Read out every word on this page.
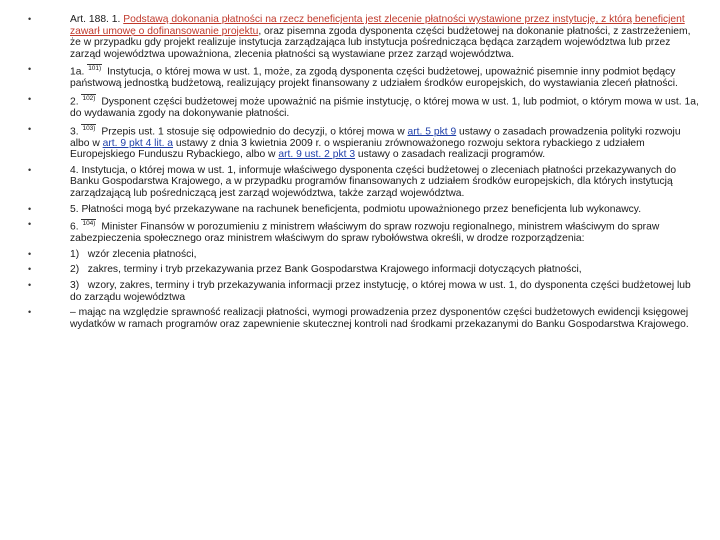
•	Art. 188. 1. Podstawą dokonania płatności na rzecz beneficjenta jest zlecenie płatności wystawione przez instytucję, z którą beneficjent zawarł umowę o dofinansowanie projektu, oraz pisemna zgoda dysponenta części budżetowej na dokonanie płatności, z zastrzeżeniem, że w przypadku gdy projekt realizuje instytucja zarządzająca lub instytucja pośrednicząca będąca zarządem województwa lub przez zarząd województwa upoważniona, zlecenia płatności są wystawiane przez zarząd województwa.
•	1a. 101) Instytucja, o której mowa w ust. 1, może, za zgodą dysponenta części budżetowej, upoważnić pisemnie inny podmiot będący państwową jednostką budżetową, realizujący projekt finansowany z udziałem środków europejskich, do wystawiania zleceń płatności.
•	2. 102) Dysponent części budżetowej może upoważnić na piśmie instytucję, o której mowa w ust. 1, lub podmiot, o którym mowa w ust. 1a, do wydawania zgody na dokonywanie płatności.
•	3. 103) Przepis ust. 1 stosuje się odpowiednio do decyzji, o której mowa w art. 5 pkt 9 ustawy o zasadach prowadzenia polityki rozwoju albo w art. 9 pkt 4 lit. a ustawy z dnia 3 kwietnia 2009 r. o wspieraniu zrównoważonego rozwoju sektora rybackiego z udziałem Europejskiego Funduszu Rybackiego, albo w art. 9 ust. 2 pkt 3 ustawy o zasadach realizacji programów.
•	4. Instytucja, o której mowa w ust. 1, informuje właściwego dysponenta części budżetowej o zleceniach płatności przekazywanych do Banku Gospodarstwa Krajowego, a w przypadku programów finansowanych z udziałem środków europejskich, dla których instytucją zarządzającą lub pośredniczącą jest zarząd województwa, także zarząd województwa.
•	5. Płatności mogą być przekazywane na rachunek beneficjenta, podmiotu upoważnionego przez beneficjenta lub wykonawcy.
•	6. 104) Minister Finansów w porozumieniu z ministrem właściwym do spraw rozwoju regionalnego, ministrem właściwym do spraw zabezpieczenia społecznego oraz ministrem właściwym do spraw rybołówstwa określi, w drodze rozporządzenia:
•	1)   wzór zlecenia płatności,
•	2)   zakres, terminy i tryb przekazywania przez Bank Gospodarstwa Krajowego informacji dotyczących płatności,
•	3)   wzory, zakres, terminy i tryb przekazywania informacji przez instytucję, o której mowa w ust. 1, do dysponenta części budżetowej lub do zarządu województwa
•	– mając na względzie sprawność realizacji płatności, wymogi prowadzenia przez dysponentów części budżetowych ewidencji księgowej wydatków w ramach programów oraz zapewnienie skutecznej kontroli nad środkami przekazanymi do Banku Gospodarstwa Krajowego.
